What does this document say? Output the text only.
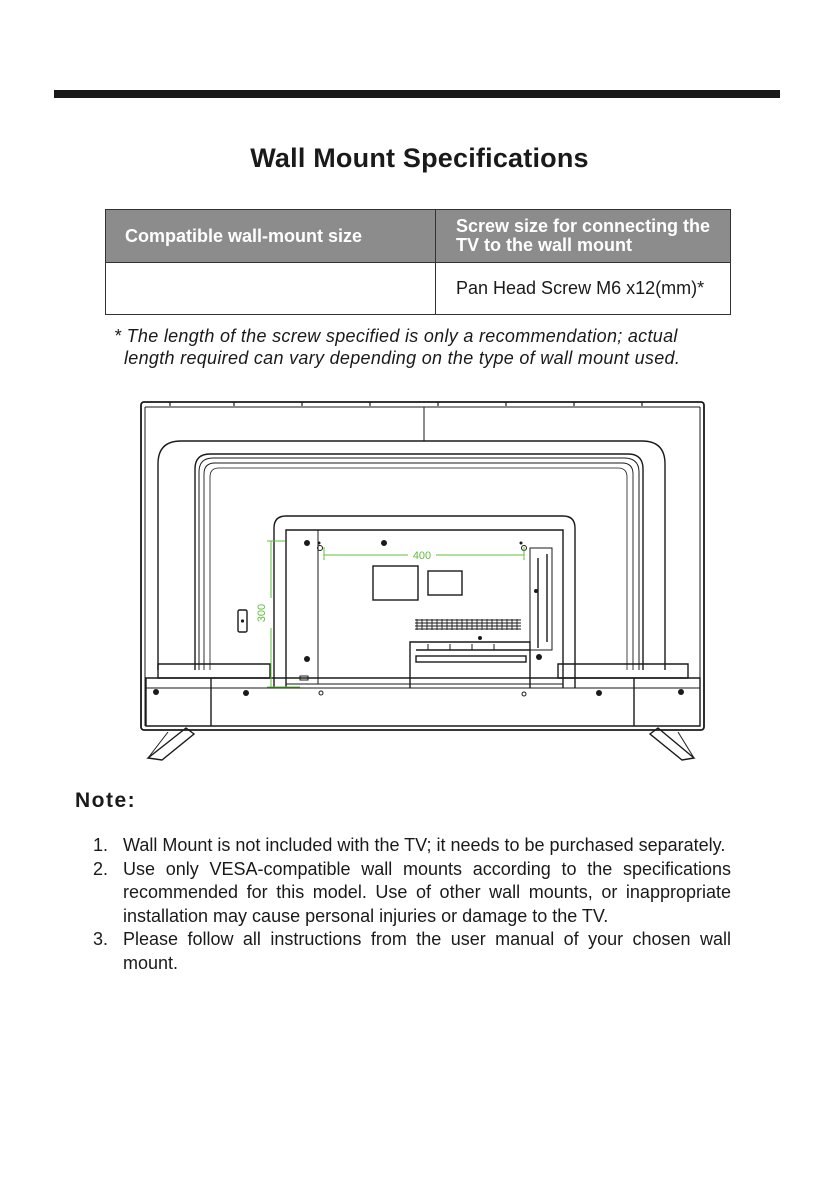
Wall Mount Specifications
Compatible wall-mount size	Screw size for connecting the TV to the wall mount
	Pan Head Screw M6 x12(mm)*
* The length of the screw specified is only a recommendation; actual
length required can vary depending on the type of wall mount used.
400
300
Note:
1. Wall Mount is not included with the TV; it needs to be purchased separately.
2. Use only VESA-compatible wall mounts according to the specifications recommended for this model. Use of other wall mounts, or inappropriate installation may cause personal injuries or damage to the TV.
3. Please follow all instructions from the user manual of your chosen wall mount.
